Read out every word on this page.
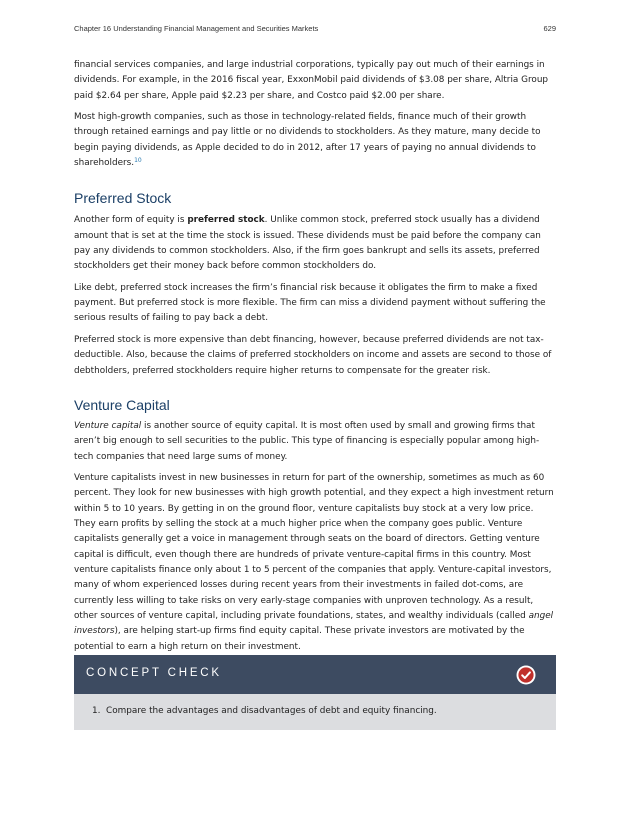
Chapter 16 Understanding Financial Management and Securities Markets	629

financial services companies, and large industrial corporations, typically pay out much of their earnings in dividends. For example, in the 2016 fiscal year, ExxonMobil paid dividends of $3.08 per share, Altria Group paid $2.64 per share, Apple paid $2.23 per share, and Costco paid $2.00 per share.

Most high-growth companies, such as those in technology-related fields, finance much of their growth through retained earnings and pay little or no dividends to stockholders. As they mature, many decide to begin paying dividends, as Apple decided to do in 2012, after 17 years of paying no annual dividends to shareholders.$^{10}$

Preferred Stock

Another form of equity is preferred stock. Unlike common stock, preferred stock usually has a dividend amount that is set at the time the stock is issued. These dividends must be paid before the company can pay any dividends to common stockholders. Also, if the firm goes bankrupt and sells its assets, preferred stockholders get their money back before common stockholders do.

Like debt, preferred stock increases the firm’s financial risk because it obligates the firm to make a fixed payment. But preferred stock is more flexible. The firm can miss a dividend payment without suffering the serious results of failing to pay back a debt.

Preferred stock is more expensive than debt financing, however, because preferred dividends are not tax-deductible. Also, because the claims of preferred stockholders on income and assets are second to those of debtholders, preferred stockholders require higher returns to compensate for the greater risk.

Venture Capital

Venture capital is another source of equity capital. It is most often used by small and growing firms that aren’t big enough to sell securities to the public. This type of financing is especially popular among high-tech companies that need large sums of money.

Venture capitalists invest in new businesses in return for part of the ownership, sometimes as much as 60 percent. They look for new businesses with high growth potential, and they expect a high investment return within 5 to 10 years. By getting in on the ground floor, venture capitalists buy stock at a very low price. They earn profits by selling the stock at a much higher price when the company goes public. Venture capitalists generally get a voice in management through seats on the board of directors. Getting venture capital is difficult, even though there are hundreds of private venture-capital firms in this country. Most venture capitalists finance only about 1 to 5 percent of the companies that apply. Venture-capital investors, many of whom experienced losses during recent years from their investments in failed dot-coms, are currently less willing to take risks on very early-stage companies with unproven technology. As a result, other sources of venture capital, including private foundations, states, and wealthy individuals (called angel investors), are helping start-up firms find equity capital. These private investors are motivated by the potential to earn a high return on their investment.

CONCEPT CHECK
1. Compare the advantages and disadvantages of debt and equity financing.
